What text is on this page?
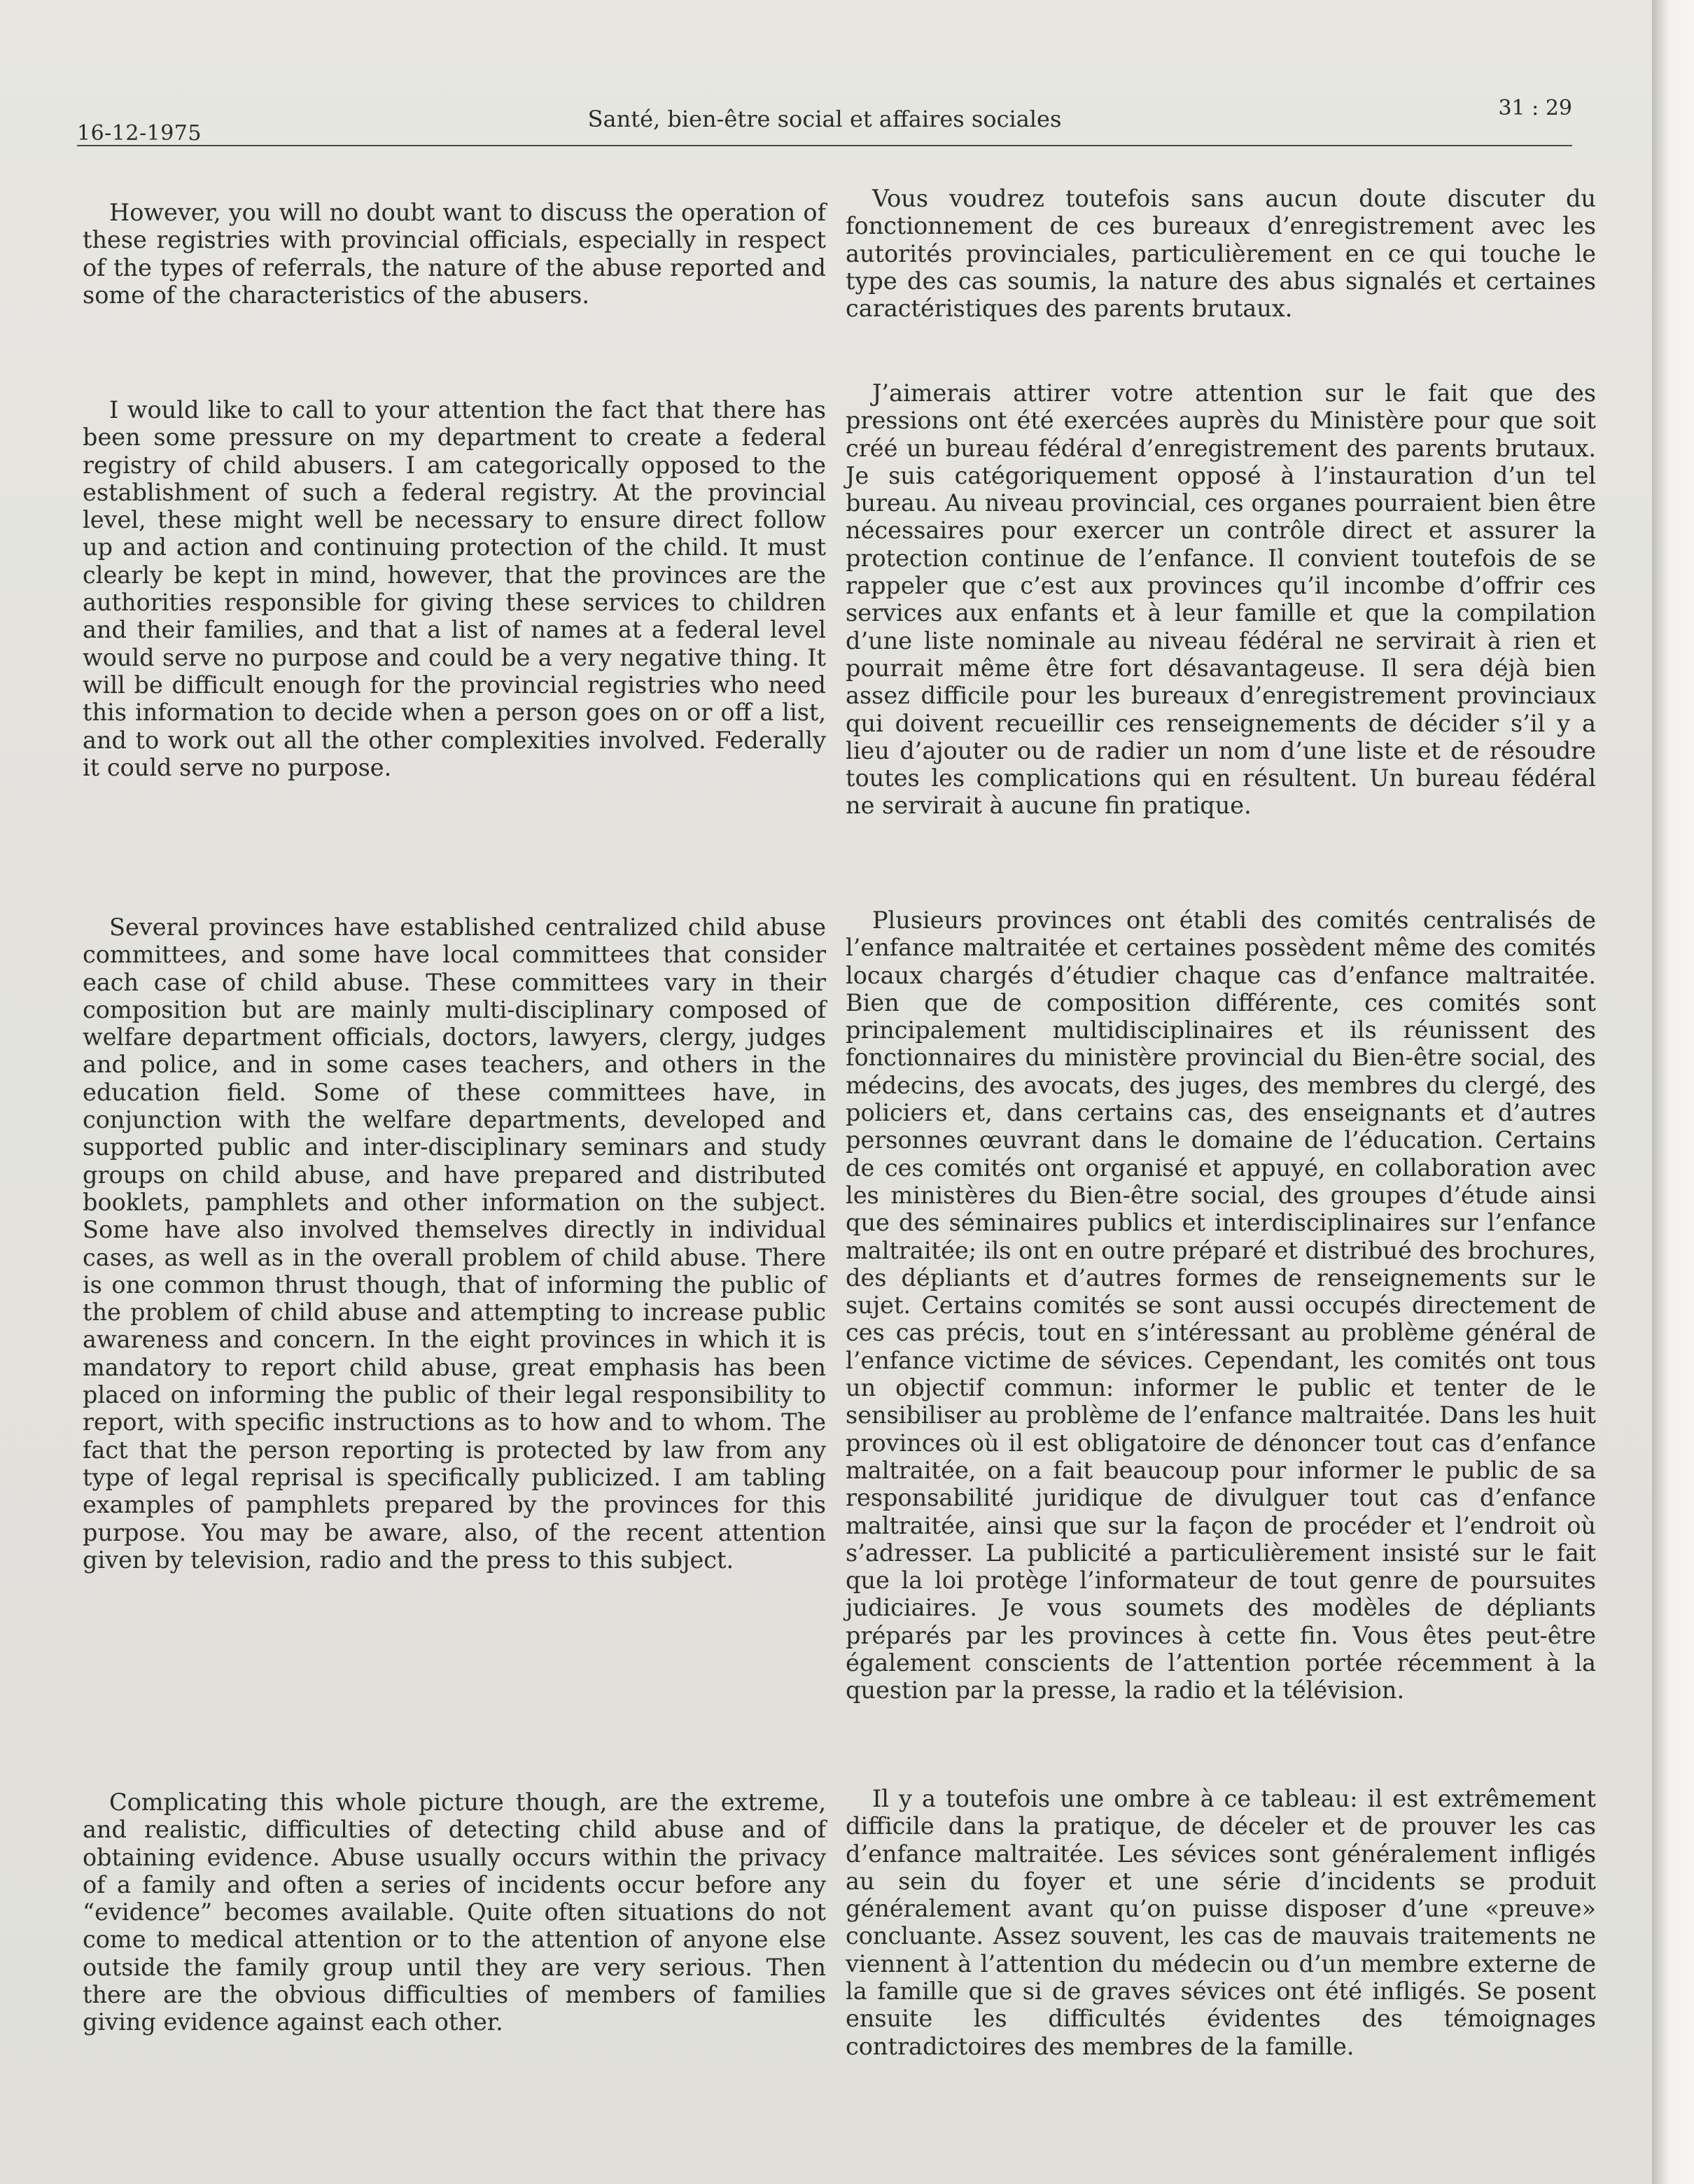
16-12-1975
Santé, bien-être social et affaires sociales	31 : 29

However, you will no doubt want to discuss the operation of these registries with provincial officials, especially in respect of the types of referrals, the nature of the abuse reported and some of the characteristics of the abusers.

I would like to call to your attention the fact that there has been some pressure on my department to create a federal registry of child abusers. I am categorically opposed to the establishment of such a federal registry. At the provincial level, these might well be necessary to ensure direct follow up and action and continuing protection of the child. It must clearly be kept in mind, however, that the provinces are the authorities responsible for giving these services to children and their families, and that a list of names at a federal level would serve no purpose and could be a very negative thing. It will be difficult enough for the provincial registries who need this information to decide when a person goes on or off a list, and to work out all the other complexities involved. Federally it could serve no purpose.

Several provinces have established centralized child abuse committees, and some have local committees that consider each case of child abuse. These committees vary in their composition but are mainly multi-disciplinary composed of welfare department officials, doctors, lawyers, clergy, judges and police, and in some cases teachers, and others in the education field. Some of these committees have, in conjunction with the welfare departments, developed and supported public and inter-disciplinary seminars and study groups on child abuse, and have prepared and distributed booklets, pamphlets and other information on the subject. Some have also involved themselves directly in individual cases, as well as in the overall problem of child abuse. There is one common thrust though, that of informing the public of the problem of child abuse and attempting to increase public awareness and concern. In the eight provinces in which it is mandatory to report child abuse, great emphasis has been placed on informing the public of their legal responsibility to report, with specific instructions as to how and to whom. The fact that the person reporting is protected by law from any type of legal reprisal is specifically publicized. I am tabling examples of pamphlets prepared by the provinces for this purpose. You may be aware, also, of the recent attention given by television, radio and the press to this subject.

Complicating this whole picture though, are the extreme, and realistic, difficulties of detecting child abuse and of obtaining evidence. Abuse usually occurs within the privacy of a family and often a series of incidents occur before any “evidence” becomes available. Quite often situations do not come to medical attention or to the attention of anyone else outside the family group until they are very serious. Then there are the obvious difficulties of members of families giving evidence against each other.

Vous voudrez toutefois sans aucun doute discuter du fonctionnement de ces bureaux d’enregistrement avec les autorités provinciales, particulièrement en ce qui touche le type des cas soumis, la nature des abus signalés et certaines caractéristiques des parents brutaux.

J’aimerais attirer votre attention sur le fait que des pressions ont été exercées auprès du Ministère pour que soit créé un bureau fédéral d’enregistrement des parents brutaux. Je suis catégoriquement opposé à l’instauration d’un tel bureau. Au niveau provincial, ces organes pourraient bien être nécessaires pour exercer un contrôle direct et assurer la protection continue de l’enfance. Il convient toutefois de se rappeler que c’est aux provinces qu’il incombe d’offrir ces services aux enfants et à leur famille et que la compilation d’une liste nominale au niveau fédéral ne servirait à rien et pourrait même être fort désavantageuse. Il sera déjà bien assez difficile pour les bureaux d’enregistrement provinciaux qui doivent recueillir ces renseignements de décider s’il y a lieu d’ajouter ou de radier un nom d’une liste et de résoudre toutes les complications qui en résultent. Un bureau fédéral ne servirait à aucune fin pratique.

Plusieurs provinces ont établi des comités centralisés de l’enfance maltraitée et certaines possèdent même des comités locaux chargés d’étudier chaque cas d’enfance maltraitée. Bien que de composition différente, ces comités sont principalement multidisciplinaires et ils réunissent des fonctionnaires du ministère provincial du Bien-être social, des médecins, des avocats, des juges, des membres du clergé, des policiers et, dans certains cas, des enseignants et d’autres personnes œuvrant dans le domaine de l’éducation. Certains de ces comités ont organisé et appuyé, en collaboration avec les ministères du Bien-être social, des groupes d’étude ainsi que des séminaires publics et interdisciplinaires sur l’enfance maltraitée; ils ont en outre préparé et distribué des brochures, des dépliants et d’autres formes de renseignements sur le sujet. Certains comités se sont aussi occupés directement de ces cas précis, tout en s’intéressant au problème général de l’enfance victime de sévices. Cependant, les comités ont tous un objectif commun: informer le public et tenter de le sensibiliser au problème de l’enfance maltraitée. Dans les huit provinces où il est obligatoire de dénoncer tout cas d’enfance maltraitée, on a fait beaucoup pour informer le public de sa responsabilité juridique de divulguer tout cas d’enfance maltraitée, ainsi que sur la façon de procéder et l’endroit où s’adresser. La publicité a particulièrement insisté sur le fait que la loi protège l’informateur de tout genre de poursuites judiciaires. Je vous soumets des modèles de dépliants préparés par les provinces à cette fin. Vous êtes peut-être également conscients de l’attention portée récemment à la question par la presse, la radio et la télévision.

Il y a toutefois une ombre à ce tableau: il est extrêmement difficile dans la pratique, de déceler et de prouver les cas d’enfance maltraitée. Les sévices sont généralement infligés au sein du foyer et une série d’incidents se produit généralement avant qu’on puisse disposer d’une «preuve» concluante. Assez souvent, les cas de mauvais traitements ne viennent à l’attention du médecin ou d’un membre externe de la famille que si de graves sévices ont été infligés. Se posent ensuite les difficultés évidentes des témoignages contradictoires des membres de la famille.
